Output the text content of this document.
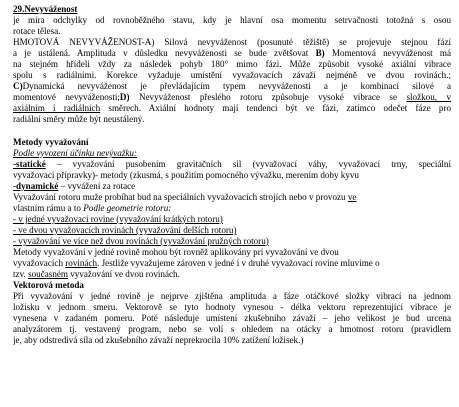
29.Nevyváženost
je míra odchylky od rovnoběžného stavu, kdy je hlavní osa momentu setrvačnosti totožná s osou
rotace tělesa.
HMOTOVÁ NEVYVÁŽENOST-A) Silová nevyváženost (posunuté těžiště) se projevuje stejnou fází
a je ustálená. Amplituda v důsledku nevyváženosti se bude zvětšovat B) Momentová nevyváženost má
na stejném hřídeli vždy za následek pohyb 180° mimo fázi. Může způsobit vysoké axiální vibrace
spolu s radiálními. Korekce vyžaduje umístění vyvažovacích závaží nejméně ve dvou rovinách.;
C)Dynamická nevyváženost je převládajícím typem nevyváženosti a je kombinací silové a
momentové nevyváženosti;D) Nevyváženost přeslého rotoru způsobuje vysoké vibrace se složkou, v
axiálním i radiálních směrech. Axiální hodnoty mají tendenci být ve fázi, zatímco odečet fáze pro
radiální směry může být neustálený.
Metody vyvažování
Podle vyvození účinku nevývažku:
-statické – vyvažování pusobením gravitačních sil (vyvažovací váhy, vyvažovací trny, speciální
vyvažovací přípravky)- metody (zkusmá, s použitím pomocného vývažku, merením doby kyvu
-dynamické – vyvážení za rotace
Vyvažování rotoru muže probíhat bud na speciálních vyvažovacích strojích nebo v provozu ve
vlastním rámu a to Podle geometrie rotoru:
- v jedné vyvažovací rovine (vyvažování krátkých rotoru)
- ve dvou vyvažovacích rovinách (vyvažování delších rotoru)
- vyvažování ve více než dvou rovinách (vyvažování pružných rotoru)
Metody vyvažování v jedné rovině mohou být rovněž aplikovány pri vyvažování ve dvou
vyvažovacích rovinách. Jestliže vyvažujeme zároven v jedné i v druhé vyvažovací rovine mluvíme o
tzv. současném vyvažování ve dvou rovinách.
Vektorová metoda
Při vyvažování v jedné rovině je nejprve zjištěna amplituda a fáze otáčkové složky vibrací na jednom
ložisku v jednom smeru. Vektorově se tyto hodnoty vynesou - délka vektoru reprezentující vibrace je
vynesena v zadaném pomeru. Poté následuje umístení zkušebního závaží – jeho velikost je bud urcena
analyzátorem tj. vestavený program, nebo se volí s ohledem na otácky a hmotnost rotoru (pravidlem
je, aby odstredivá síla od zkušebního závaží neprekrocila 10% zatížení ložisek.)
